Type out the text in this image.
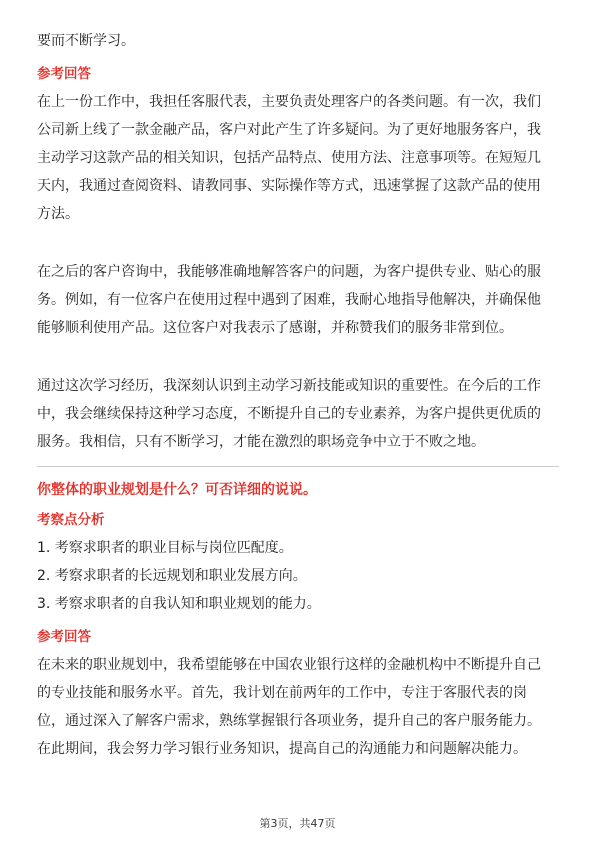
要而不断学习。
参考回答
在上一份工作中，我担任客服代表，主要负责处理客户的各类问题。有一次，我们
公司新上线了一款金融产品，客户对此产生了许多疑问。为了更好地服务客户，我
主动学习这款产品的相关知识，包括产品特点、使用方法、注意事项等。在短短几
天内，我通过查阅资料、请教同事、实际操作等方式，迅速掌握了这款产品的使用
方法。
在之后的客户咨询中，我能够准确地解答客户的问题，为客户提供专业、贴心的服
务。例如，有一位客户在使用过程中遇到了困难，我耐心地指导他解决，并确保他
能够顺利使用产品。这位客户对我表示了感谢，并称赞我们的服务非常到位。
通过这次学习经历，我深刻认识到主动学习新技能或知识的重要性。在今后的工作
中，我会继续保持这种学习态度，不断提升自己的专业素养，为客户提供更优质的
服务。我相信，只有不断学习，才能在激烈的职场竞争中立于不败之地。
你整体的职业规划是什么？可否详细的说说。
考察点分析
1. 考察求职者的职业目标与岗位匹配度。
2. 考察求职者的长远规划和职业发展方向。
3. 考察求职者的自我认知和职业规划的能力。
参考回答
在未来的职业规划中，我希望能够在中国农业银行这样的金融机构中不断提升自己
的专业技能和服务水平。首先，我计划在前两年的工作中，专注于客服代表的岗
位，通过深入了解客户需求，熟练掌握银行各项业务，提升自己的客户服务能力。
在此期间，我会努力学习银行业务知识，提高自己的沟通能力和问题解决能力。
第3页，共47页
